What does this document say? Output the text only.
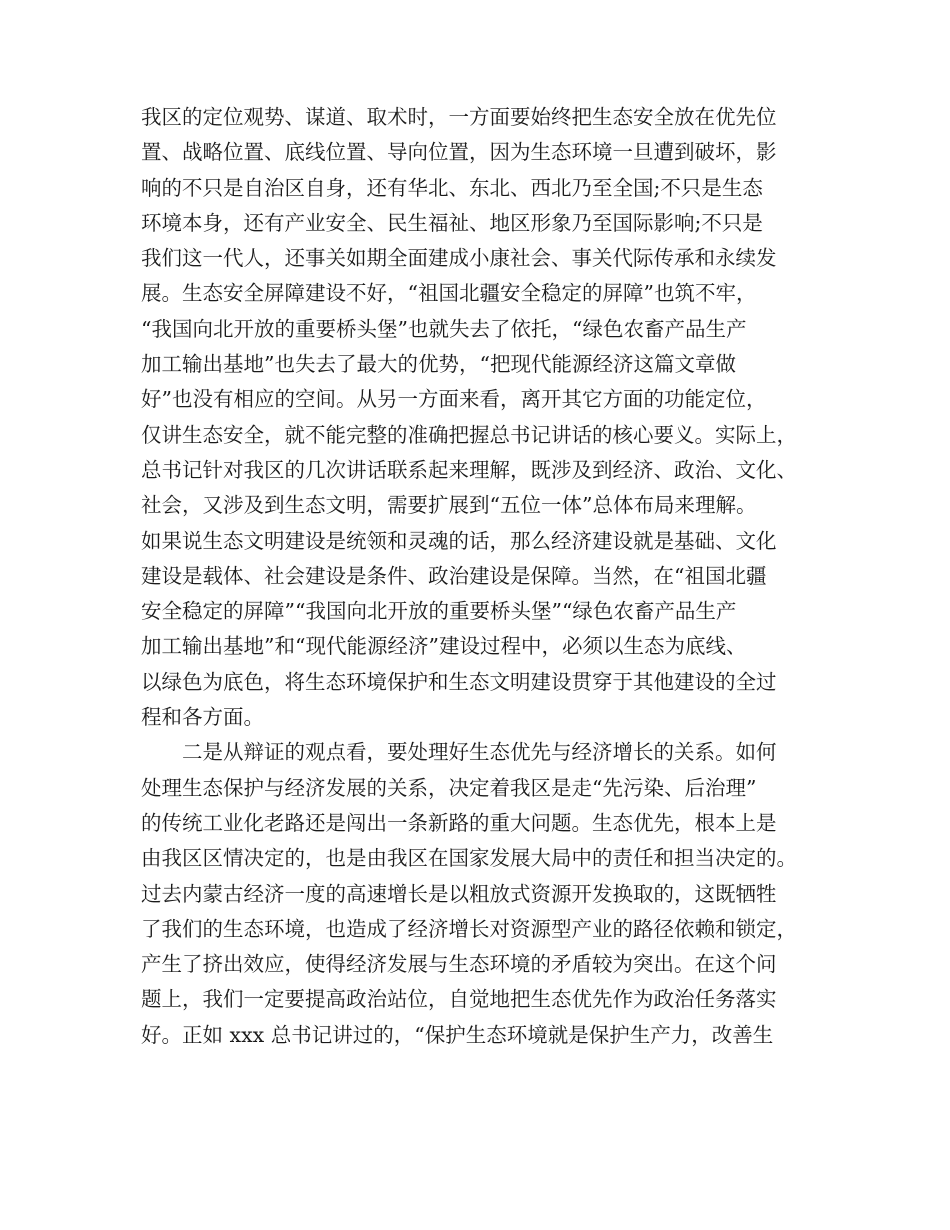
我区的定位观势、谋道、取术时，一方面要始终把生态安全放在优先位
置、战略位置、底线位置、导向位置，因为生态环境一旦遭到破坏，影
响的不只是自治区自身，还有华北、东北、西北乃至全国;不只是生态
环境本身，还有产业安全、民生福祉、地区形象乃至国际影响;不只是
我们这一代人，还事关如期全面建成小康社会、事关代际传承和永续发
展。生态安全屏障建设不好，“祖国北疆安全稳定的屏障”也筑不牢，
“我国向北开放的重要桥头堡”也就失去了依托，“绿色农畜产品生产
加工输出基地”也失去了最大的优势，“把现代能源经济这篇文章做
好”也没有相应的空间。从另一方面来看，离开其它方面的功能定位，
仅讲生态安全，就不能完整的准确把握总书记讲话的核心要义。实际上，
总书记针对我区的几次讲话联系起来理解，既涉及到经济、政治、文化、
社会，又涉及到生态文明，需要扩展到“五位一体”总体布局来理解。
如果说生态文明建设是统领和灵魂的话，那么经济建设就是基础、文化
建设是载体、社会建设是条件、政治建设是保障。当然，在“祖国北疆
安全稳定的屏障”“我国向北开放的重要桥头堡”“绿色农畜产品生产
加工输出基地”和“现代能源经济”建设过程中，必须以生态为底线、
以绿色为底色，将生态环境保护和生态文明建设贯穿于其他建设的全过
程和各方面。
二是从辩证的观点看，要处理好生态优先与经济增长的关系。如何
处理生态保护与经济发展的关系，决定着我区是走“先污染、后治理”
的传统工业化老路还是闯出一条新路的重大问题。生态优先，根本上是
由我区区情决定的，也是由我区在国家发展大局中的责任和担当决定的。
过去内蒙古经济一度的高速增长是以粗放式资源开发换取的，这既牺牲
了我们的生态环境，也造成了经济增长对资源型产业的路径依赖和锁定，
产生了挤出效应，使得经济发展与生态环境的矛盾较为突出。在这个问
题上，我们一定要提高政治站位，自觉地把生态优先作为政治任务落实
好。正如 xxx 总书记讲过的，“保护生态环境就是保护生产力，改善生
